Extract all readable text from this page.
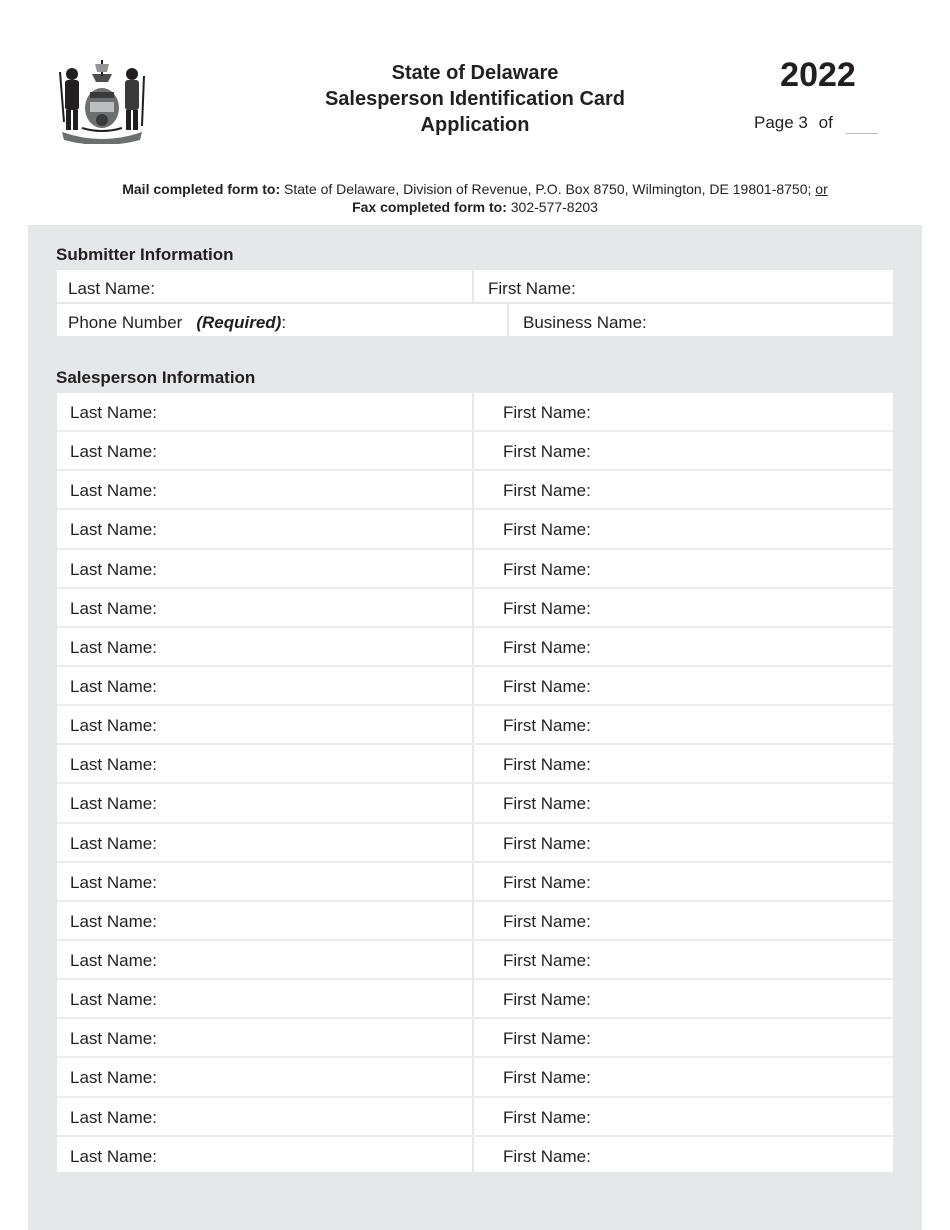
State of Delaware
Salesperson Identification Card
Application
2022
Page 3 of
Mail completed form to: State of Delaware, Division of Revenue, P.O. Box 8750, Wilmington, DE 19801-8750; or
Fax completed form to: 302-577-8203
Submitter Information
Last Name:	First Name:
Phone Number (Required):	Business Name:
Salesperson Information
Last Name:	First Name:
Last Name:	First Name:
Last Name:	First Name:
Last Name:	First Name:
Last Name:	First Name:
Last Name:	First Name:
Last Name:	First Name:
Last Name:	First Name:
Last Name:	First Name:
Last Name:	First Name:
Last Name:	First Name:
Last Name:	First Name:
Last Name:	First Name:
Last Name:	First Name:
Last Name:	First Name:
Last Name:	First Name:
Last Name:	First Name:
Last Name:	First Name:
Last Name:	First Name:
Last Name:	First Name:
